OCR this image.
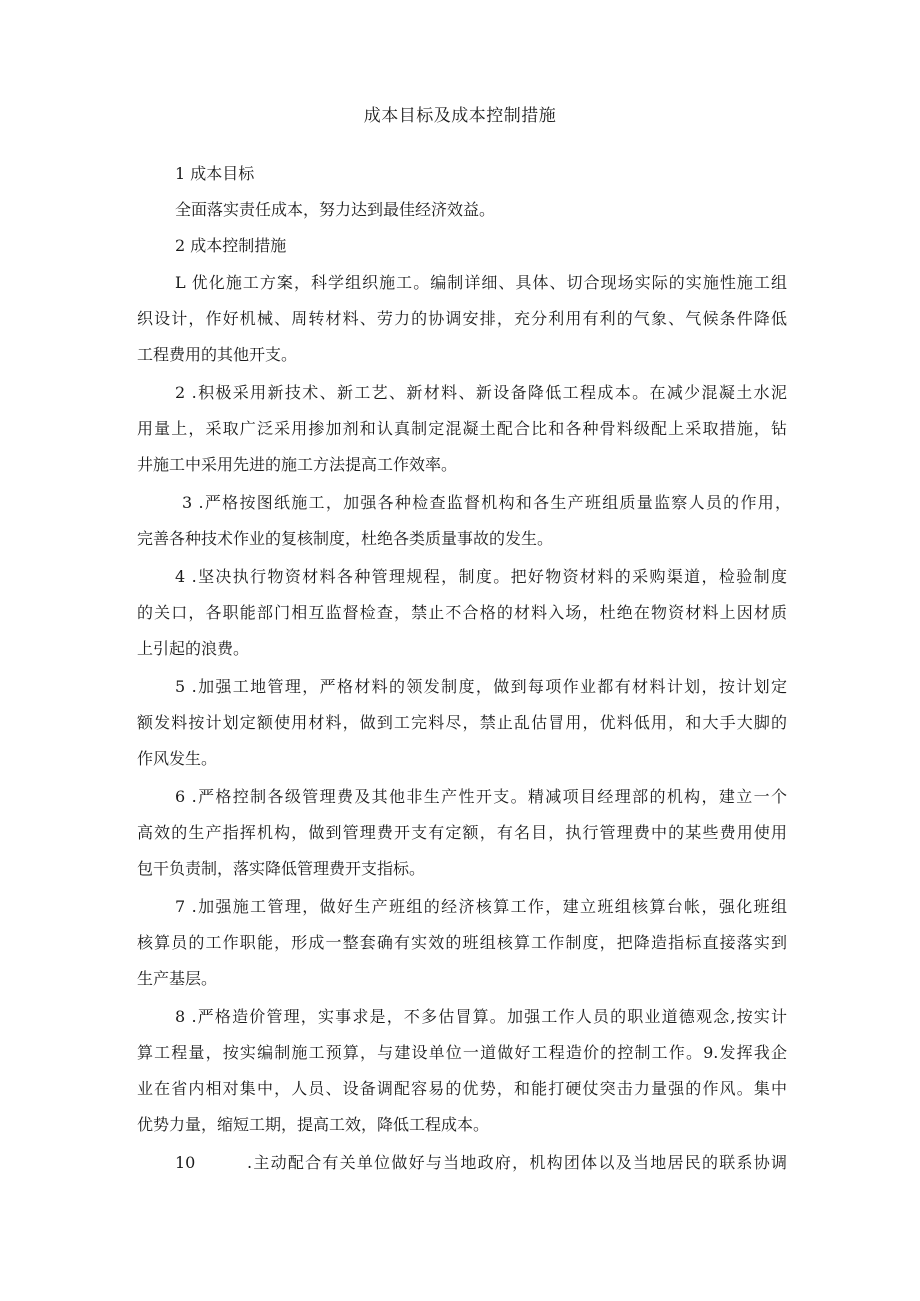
成本目标及成本控制措施
1 成本目标
全面落实责任成本，努力达到最佳经济效益。
2 成本控制措施
L 优化施工方案，科学组织施工。编制详细、具体、切合现场实际的实施性施工组
织设计，作好机械、周转材料、劳力的协调安排，充分利用有利的气象、气候条件降低
工程费用的其他开支。
2 .积极采用新技术、新工艺、新材料、新设备降低工程成本。在减少混凝土水泥
用量上，采取广泛采用掺加剂和认真制定混凝土配合比和各种骨料级配上采取措施，钻
井施工中采用先进的施工方法提高工作效率。
3 .严格按图纸施工，加强各种检查监督机构和各生产班组质量监察人员的作用，
完善各种技术作业的复核制度，杜绝各类质量事故的发生。
4 .坚决执行物资材料各种管理规程，制度。把好物资材料的采购渠道，检验制度
的关口，各职能部门相互监督检查，禁止不合格的材料入场，杜绝在物资材料上因材质
上引起的浪费。
5 .加强工地管理，严格材料的领发制度，做到每项作业都有材料计划，按计划定
额发料按计划定额使用材料，做到工完料尽，禁止乱估冒用，优料低用，和大手大脚的
作风发生。
6 .严格控制各级管理费及其他非生产性开支。精减项目经理部的机构，建立一个
高效的生产指挥机构，做到管理费开支有定额，有名目，执行管理费中的某些费用使用
包干负责制，落实降低管理费开支指标。
7 .加强施工管理，做好生产班组的经济核算工作，建立班组核算台帐，强化班组
核算员的工作职能，形成一整套确有实效的班组核算工作制度，把降造指标直接落实到
生产基层。
8 .严格造价管理，实事求是，不多估冒算。加强工作人员的职业道德观念,按实计
算工程量，按实编制施工预算，与建设单位一道做好工程造价的控制工作。9.发挥我企
业在省内相对集中，人员、设备调配容易的优势，和能打硬仗突击力量强的作风。集中
优势力量，缩短工期，提高工效，降低工程成本。
10	.主动配合有关单位做好与当地政府，机构团体以及当地居民的联系协调
